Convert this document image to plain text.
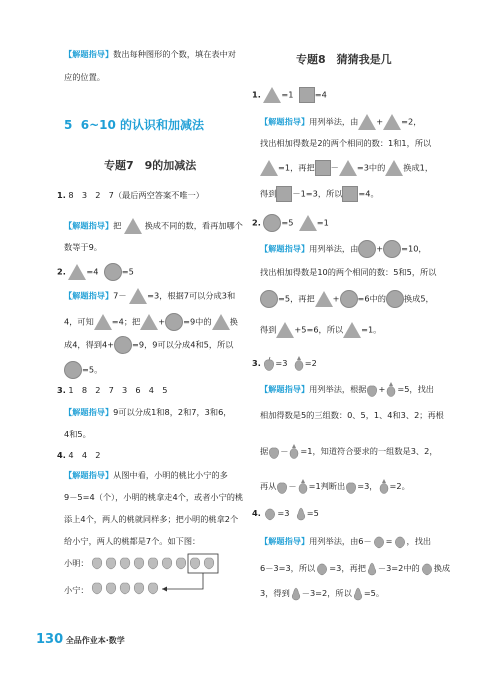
【解题指导】数出每种图形的个数，填在表中对
应的位置。
5 6~10 的认识和加减法
专题7　9的加减法
1. 8　3　2　7（最后两空答案不唯一）
【解题指导】把	换成不同的数，看再加哪个
数等于9。
2.	=4	=5
【解题指导】7－	=3，根据7可以分成3和
4，可知 =4；把 + =9中的 换
成4，得到4+ =9，9可以分成4和5，所以
=5。
3. 1　8　2　7　3　6　4　5
【解题指导】9可以分成1和8，2和7，3和6，
4和5。
4. 4　4　2
【解题指导】从图中看，小明的桃比小宁的多
9－5=4（个），小明的桃拿走4个，或者小宁的桃
添上4个，两人的桃就同样多；把小明的桃拿2个
给小宁，两人的桃都是7个。如下图：
小明：
小宁：
130 全品作业本·数学
专题8　猜猜我是几
1.	=1	=4
【解题指导】用列举法，由 + =2，
找出相加得数是2的两个相同的数：1和1，所以
=1，再把 － =3中的 换成1，
得到 －1=3，所以 =4。
2.	=5	=1
【解题指导】用列举法，由 + =10，
找出相加得数是10的两个相同的数：5和5，所以
=5，再把 + =6中的 换成5，
得到 +5=6，所以 =1。
3. =3 =2
【解题指导】用列举法，根据 + =5，找出
相加得数是5的三组数：0、5，1、4和3、2；再根
据 － =1，知道符合要求的一组数是3、2，
再从 － =1判断出 =3， =2。
4. =3 =5
【解题指导】用列举法，由6－ = ，找出
6－3=3，所以 =3，再把 －3=2中的 换成
3，得到 －3=2，所以 =5。
